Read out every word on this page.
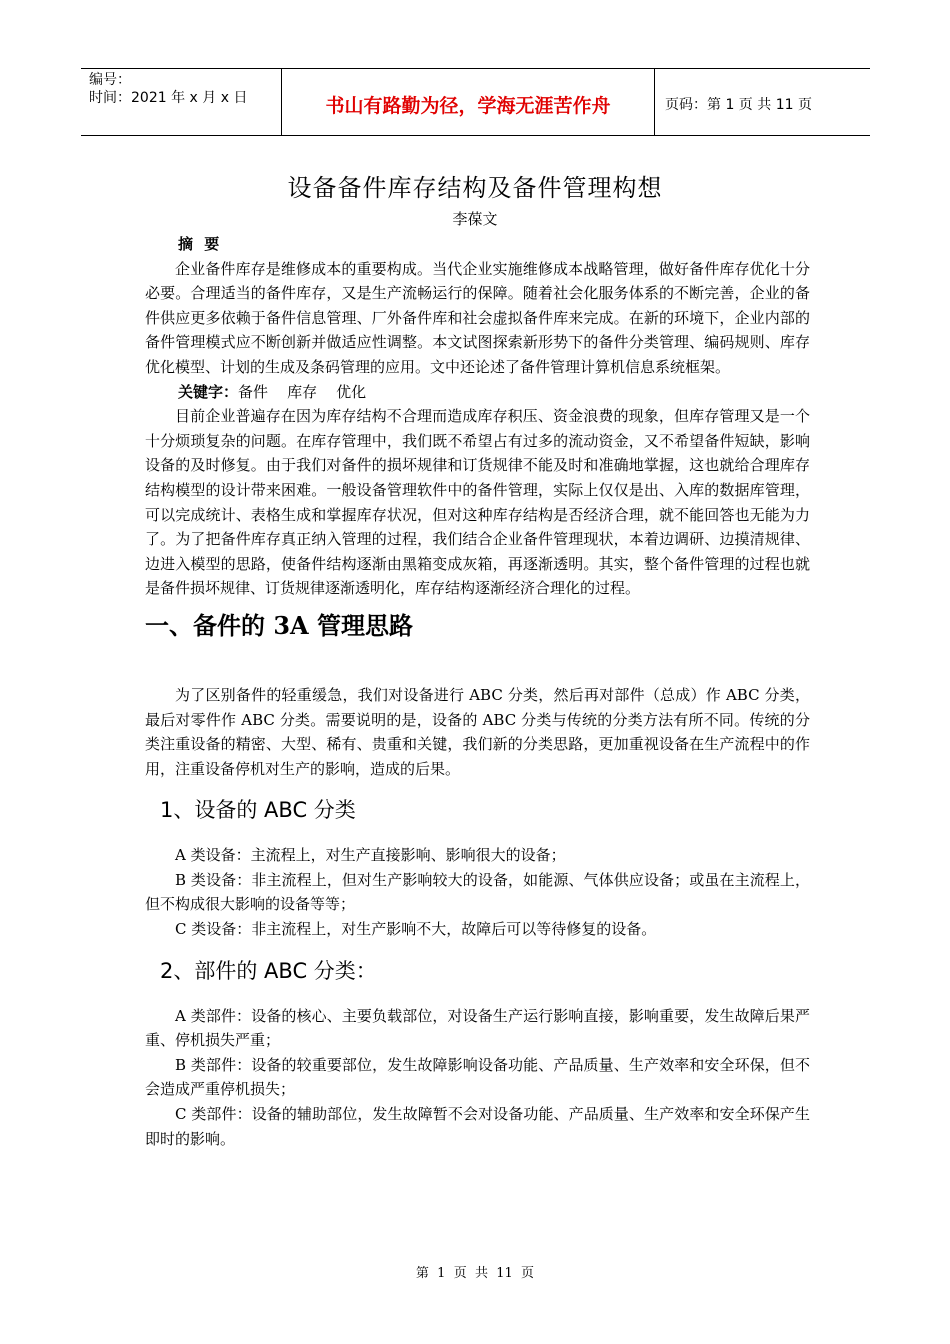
编号：
时间：2021 年 x 月 x 日	书山有路勤为径，学海无涯苦作舟	页码：第 1 页 共 11 页
设备备件库存结构及备件管理构想
李葆文

摘 要

企业备件库存是维修成本的重要构成。当代企业实施维修成本战略管理，做好备件库存优化十分必要。合理适当的备件库存，又是生产流畅运行的保障。随着社会化服务体系的不断完善，企业的备件供应更多依赖于备件信息管理、厂外备件库和社会虚拟备件库来完成。在新的环境下，企业内部的备件管理模式应不断创新并做适应性调整。本文试图探索新形势下的备件分类管理、编码规则、库存优化模型、计划的生成及条码管理的应用。文中还论述了备件管理计算机信息系统框架。

关键字：备件    库存    优化

目前企业普遍存在因为库存结构不合理而造成库存积压、资金浪费的现象，但库存管理又是一个十分烦琐复杂的问题。在库存管理中，我们既不希望占有过多的流动资金，又不希望备件短缺，影响设备的及时修复。由于我们对备件的损坏规律和订货规律不能及时和准确地掌握，这也就给合理库存结构模型的设计带来困难。一般设备管理软件中的备件管理，实际上仅仅是出、入库的数据库管理，可以完成统计、表格生成和掌握库存状况，但对这种库存结构是否经济合理，就不能回答也无能为力了。为了把备件库存真正纳入管理的过程，我们结合企业备件管理现状，本着边调研、边摸清规律、边进入模型的思路，使备件结构逐渐由黑箱变成灰箱，再逐渐透明。其实，整个备件管理的过程也就是备件损坏规律、订货规律逐渐透明化，库存结构逐渐经济合理化的过程。

一、备件的 3A 管理思路

为了区别备件的轻重缓急，我们对设备进行 ABC 分类，然后再对部件（总成）作 ABC 分类，最后对零件作 ABC 分类。需要说明的是，设备的 ABC 分类与传统的分类方法有所不同。传统的分类注重设备的精密、大型、稀有、贵重和关键，我们新的分类思路，更加重视设备在生产流程中的作用，注重设备停机对生产的影响，造成的后果。

1、设备的 ABC 分类

A 类设备：主流程上，对生产直接影响、影响很大的设备；

B 类设备：非主流程上，但对生产影响较大的设备，如能源、气体供应设备；或虽在主流程上，但不构成很大影响的设备等等；

C 类设备：非主流程上，对生产影响不大，故障后可以等待修复的设备。

2、部件的 ABC 分类：

A 类部件：设备的核心、主要负载部位，对设备生产运行影响直接，影响重要，发生故障后果严重、停机损失严重；

B 类部件：设备的较重要部位，发生故障影响设备功能、产品质量、生产效率和安全环保，但不会造成严重停机损失；

C 类部件：设备的辅助部位，发生故障暂不会对设备功能、产品质量、生产效率和安全环保产生即时的影响。

第  1  页  共  11  页
